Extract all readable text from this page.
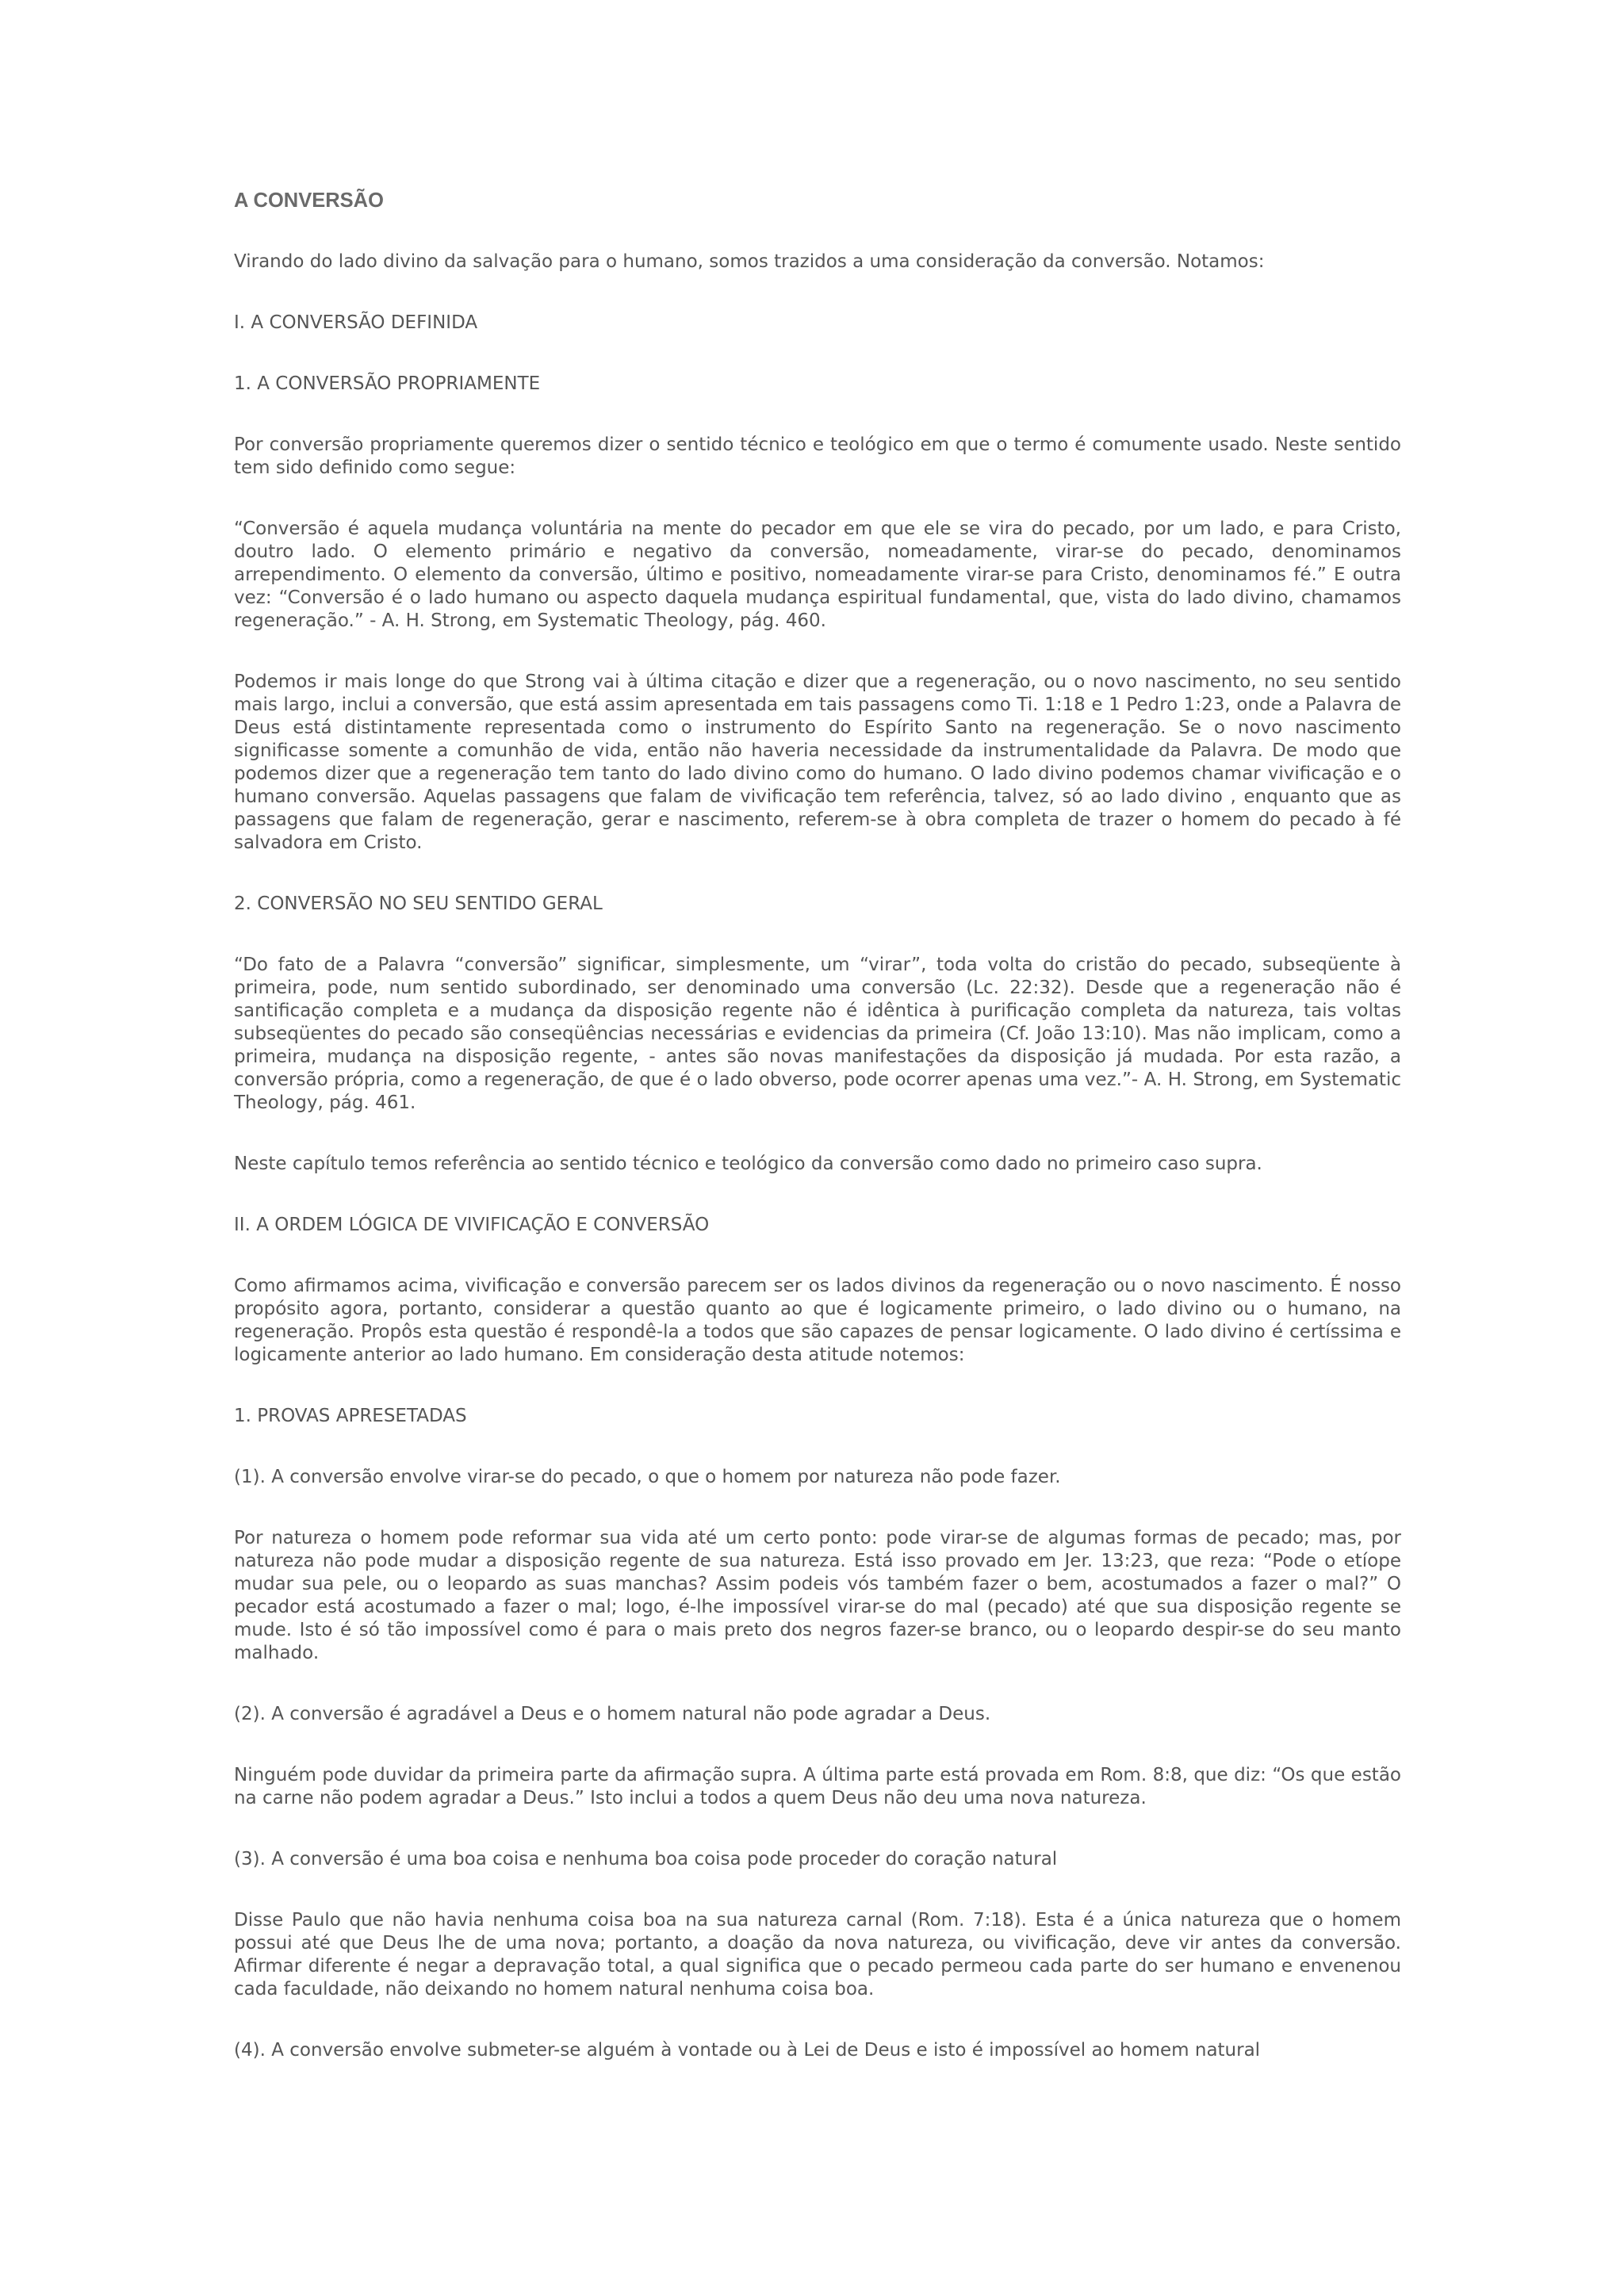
A CONVERSÃO
Virando do lado divino da salvação para o humano, somos trazidos a uma consideração da conversão. Notamos:
I. A CONVERSÃO DEFINIDA
1. A CONVERSÃO PROPRIAMENTE
Por conversão propriamente queremos dizer o sentido técnico e teológico em que o termo é comumente usado. Neste sentido tem sido definido como segue:
“Conversão é aquela mudança voluntária na mente do pecador em que ele se vira do pecado, por um lado, e para Cristo, doutro lado. O elemento primário e negativo da conversão, nomeadamente, virar-se do pecado, denominamos arrependimento. O elemento da conversão, último e positivo, nomeadamente virar-se para Cristo, denominamos fé.” E outra vez: “Conversão é o lado humano ou aspecto daquela mudança espiritual fundamental, que, vista do lado divino, chamamos regeneração.” - A. H. Strong, em Systematic Theology, pág. 460.
Podemos ir mais longe do que Strong vai à última citação e dizer que a regeneração, ou o novo nascimento, no seu sentido mais largo, inclui a conversão, que está assim apresentada em tais passagens como Ti. 1:18 e 1 Pedro 1:23, onde a Palavra de Deus está distintamente representada como o instrumento do Espírito Santo na regeneração. Se o novo nascimento significasse somente a comunhão de vida, então não haveria necessidade da instrumentalidade da Palavra. De modo que podemos dizer que a regeneração tem tanto do lado divino como do humano. O lado divino podemos chamar vivificação e o humano conversão. Aquelas passagens que falam de vivificação tem referência, talvez, só ao lado divino , enquanto que as passagens que falam de regeneração, gerar e nascimento, referem-se à obra completa de trazer o homem do pecado à fé salvadora em Cristo.
2. CONVERSÃO NO SEU SENTIDO GERAL
“Do fato de a Palavra “conversão” significar, simplesmente, um “virar”, toda volta do cristão do pecado, subseqüente à primeira, pode, num sentido subordinado, ser denominado uma conversão (Lc. 22:32). Desde que a regeneração não é santificação completa e a mudança da disposição regente não é idêntica à purificação completa da natureza, tais voltas subseqüentes do pecado são conseqüências necessárias e evidencias da primeira (Cf. João 13:10). Mas não implicam, como a primeira, mudança na disposição regente, - antes são novas manifestações da disposição já mudada. Por esta razão, a conversão própria, como a regeneração, de que é o lado obverso, pode ocorrer apenas uma vez.”- A. H. Strong, em Systematic Theology, pág. 461.
Neste capítulo temos referência ao sentido técnico e teológico da conversão como dado no primeiro caso supra.
II. A ORDEM LÓGICA DE VIVIFICAÇÃO E CONVERSÃO
Como afirmamos acima, vivificação e conversão parecem ser os lados divinos da regeneração ou o novo nascimento. É nosso propósito agora, portanto, considerar a questão quanto ao que é logicamente primeiro, o lado divino ou o humano, na regeneração. Propôs esta questão é respondê-la a todos que são capazes de pensar logicamente. O lado divino é certíssima e logicamente anterior ao lado humano. Em consideração desta atitude notemos:
1. PROVAS APRESETADAS
(1). A conversão envolve virar-se do pecado, o que o homem por natureza não pode fazer.
Por natureza o homem pode reformar sua vida até um certo ponto: pode virar-se de algumas formas de pecado; mas, por natureza não pode mudar a disposição regente de sua natureza. Está isso provado em Jer. 13:23, que reza: “Pode o etíope mudar sua pele, ou o leopardo as suas manchas? Assim podeis vós também fazer o bem, acostumados a fazer o mal?” O pecador está acostumado a fazer o mal; logo, é-lhe impossível virar-se do mal (pecado) até que sua disposição regente se mude. Isto é só tão impossível como é para o mais preto dos negros fazer-se branco, ou o leopardo despir-se do seu manto malhado.
(2). A conversão é agradável a Deus e o homem natural não pode agradar a Deus.
Ninguém pode duvidar da primeira parte da afirmação supra. A última parte está provada em Rom. 8:8, que diz: “Os que estão na carne não podem agradar a Deus.” Isto inclui a todos a quem Deus não deu uma nova natureza.
(3). A conversão é uma boa coisa e nenhuma boa coisa pode proceder do coração natural
Disse Paulo que não havia nenhuma coisa boa na sua natureza carnal (Rom. 7:18). Esta é a única natureza que o homem possui até que Deus lhe de uma nova; portanto, a doação da nova natureza, ou vivificação, deve vir antes da conversão. Afirmar diferente é negar a depravação total, a qual significa que o pecado permeou cada parte do ser humano e envenenou cada faculdade, não deixando no homem natural nenhuma coisa boa.
(4). A conversão envolve submeter-se alguém à vontade ou à Lei de Deus e isto é impossível ao homem natural
